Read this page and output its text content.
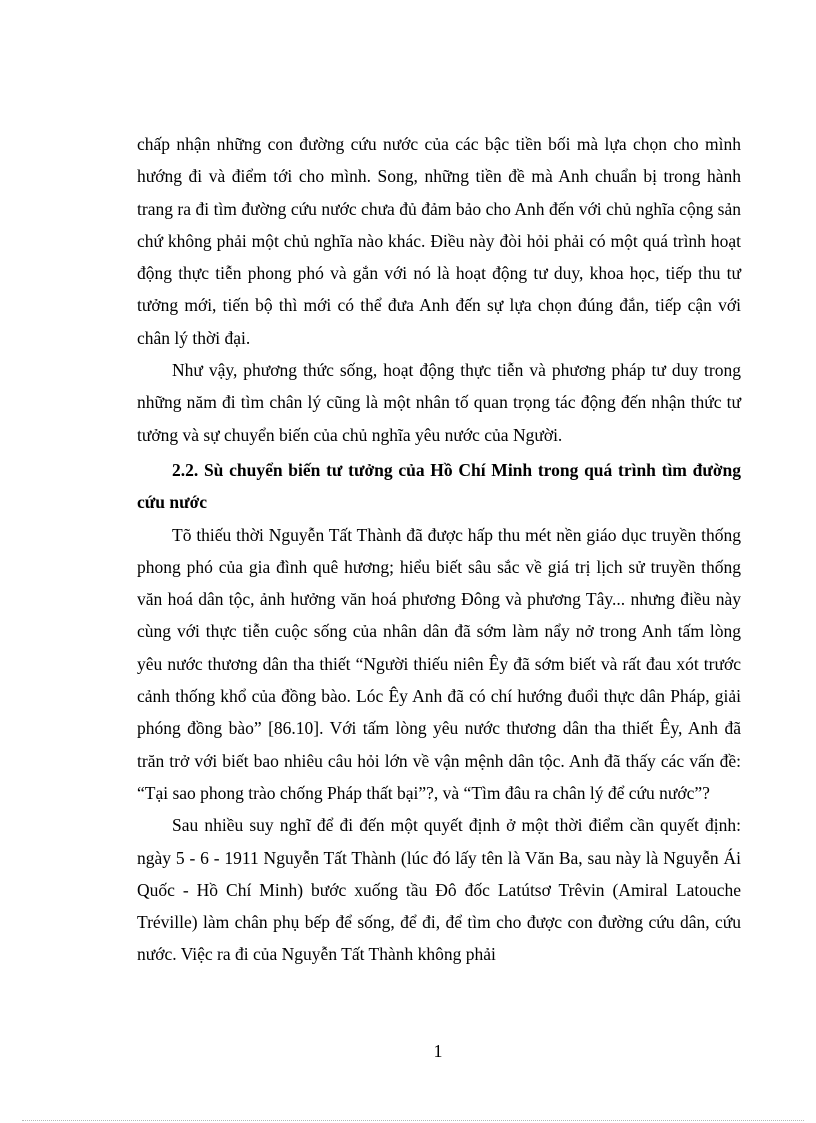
chấp nhận những con đường cứu nước của các bậc tiền bối mà lựa chọn cho mình hướng đi và điểm tới cho mình. Song, những tiền đề mà Anh chuẩn bị trong hành trang ra đi tìm đường cứu nước chưa đủ đảm bảo cho Anh đến với chủ nghĩa cộng sản chứ không phải một chủ nghĩa nào khác. Điều này đòi hỏi phải có một quá trình hoạt động thực tiễn phong phó và gắn với nó là hoạt động tư duy, khoa học, tiếp thu tư tưởng mới, tiến bộ thì mới có thể đưa Anh đến sự lựa chọn đúng đắn, tiếp cận với chân lý thời đại.

Như vậy, phương thức sống, hoạt động thực tiễn và phương pháp tư duy trong những năm đi tìm chân lý cũng là một nhân tố quan trọng tác động đến nhận thức tư tưởng và sự chuyển biến của chủ nghĩa yêu nước của Người.

2.2. Sù chuyển biến tư tưởng của Hồ Chí Minh trong quá trình tìm đường cứu nước

Tõ thiếu thời Nguyễn Tất Thành đã được hấp thu mét nền giáo dục truyền thống phong phó của gia đình quê hương; hiểu biết sâu sắc về giá trị lịch sử truyền thống văn hoá dân tộc, ảnh hưởng văn hoá phương Đông và phương Tây... nhưng điều này cùng với thực tiễn cuộc sống của nhân dân đã sớm làm nẩy nở trong Anh tấm lòng yêu nước thương dân tha thiết “Người thiếu niên Êy đã sớm biết và rất đau xót trước cảnh thống khổ của đồng bào. Lóc Êy Anh đã có chí hướng đuổi thực dân Pháp, giải phóng đồng bào” [86.10]. Với tấm lòng yêu nước thương dân tha thiết Êy, Anh đã trăn trở với biết bao nhiêu câu hỏi lớn về vận mệnh dân tộc. Anh đã thấy các vấn đề: “Tại sao phong trào chống Pháp thất bại”?, và “Tìm đâu ra chân lý để cứu nước”?

Sau nhiều suy nghĩ để đi đến một quyết định ở một thời điểm cần quyết định: ngày 5 - 6 - 1911 Nguyễn Tất Thành (lúc đó lấy tên là Văn Ba, sau này là Nguyễn Ái Quốc - Hồ Chí Minh) bước xuống tầu Đô đốc Latútsơ Trêvin (Amiral Latouche Tréville) làm chân phụ bếp để sống, để đi, để tìm cho được con đường cứu dân, cứu nước. Việc ra đi của Nguyễn Tất Thành không phải

1
